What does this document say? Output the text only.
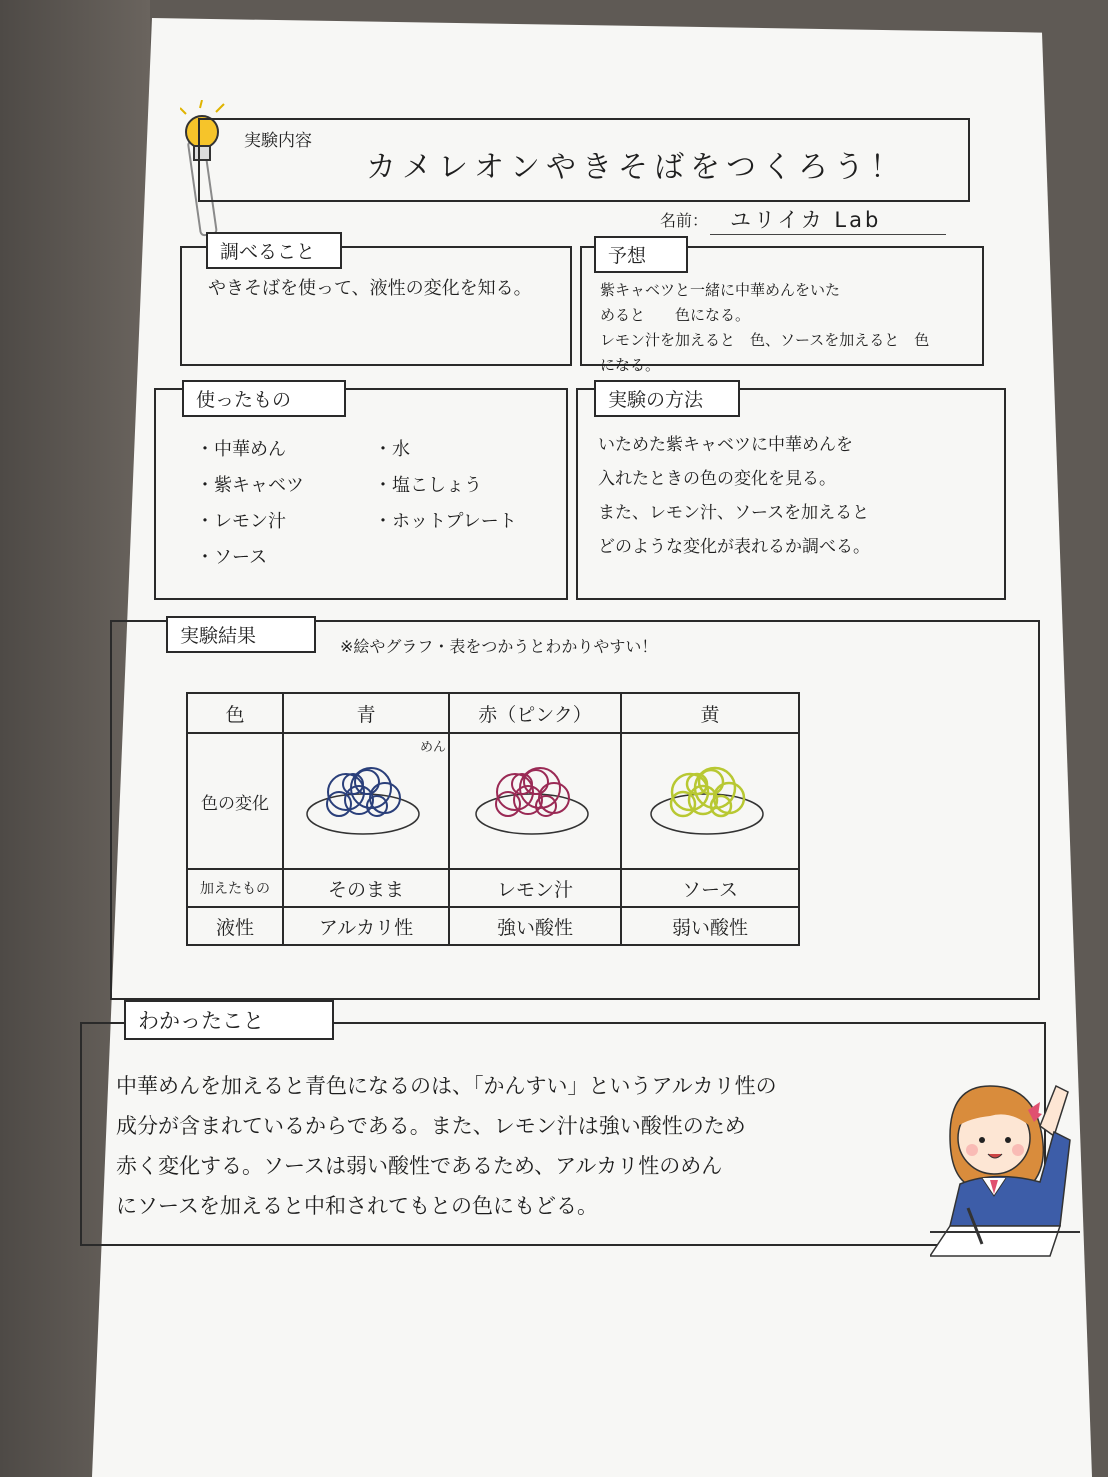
実験内容
カメレオンやきそばをつくろう！
名前： ユリイカ Lab
調べること
やきそばを使って、液性の変化を知る。
予想
紫キャベツと一緒に中華めんをいた
めると　　色になる。
レモン汁を加えると　色、ソースを加えると　色
になる。
使ったもの
・中華めん
・紫キャベツ
・レモン汁
・ソース
・水
・塩こしょう
・ホットプレート
実験の方法
いためた紫キャベツに中華めんを
入れたときの色の変化を見る。
また、レモン汁、ソースを加えると
どのような変化が表れるか調べる。
実験結果	※絵やグラフ・表をつかうとわかりやすい！
色	青	赤（ピンク）	黄
色の変化			
加えたもの	そのまま	レモン汁	ソース
液性	アルカリ性	強い酸性	弱い酸性
めん
わかったこと
中華めんを加えると青色になるのは、「かんすい」というアルカリ性の
成分が含まれているからである。また、レモン汁は強い酸性のため
赤く変化する。ソースは弱い酸性であるため、アルカリ性のめん
にソースを加えると中和されてもとの色にもどる。
